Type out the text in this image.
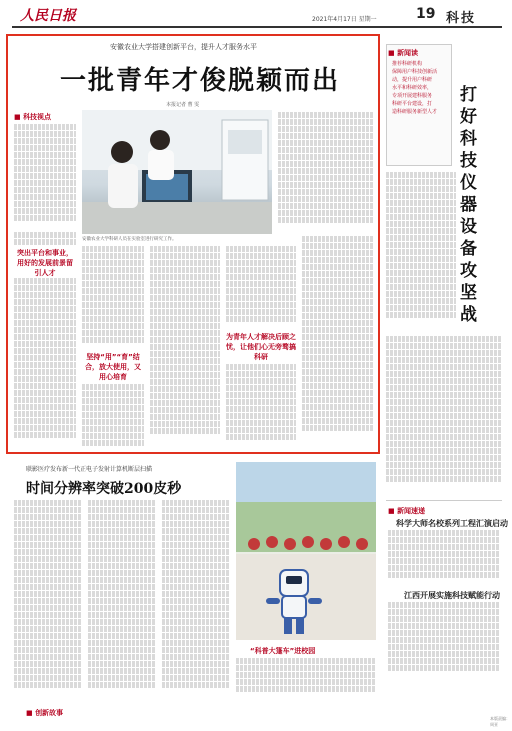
人民日报	2021年4月17日 星期一	19 科技
安徽农业大学搭建创新平台，提升人才服务水平
一批青年才俊脱颖而出
本报记者 曹 雯
■ 科技视点
安徽农业大学科研人员在实验室进行研究工作。
突出平台和事业，用好的发展前景留引人才
坚持“用”“育”结合，放大使用，又用心培育
为青年人才解决后顾之忧，让他们心无旁骛搞科研
■ 新闻读
推荐科研机构
保障用户科技创新活
动，提升用户科研
水平和科研效率，
专项开展建科服务
科研平台建设，打
造科研服务新型人才
打好科技仪器设备攻坚战
■ 新闻速递
科学大师名校系列工程汇演启动
江西开展实施科技赋能行动
联影医疗发布新一代正电子发射计算机断层扫描
时间分辨率突破200皮秒
“科普大篷车”进校园
■ 创新故事
本版责编：周亚
